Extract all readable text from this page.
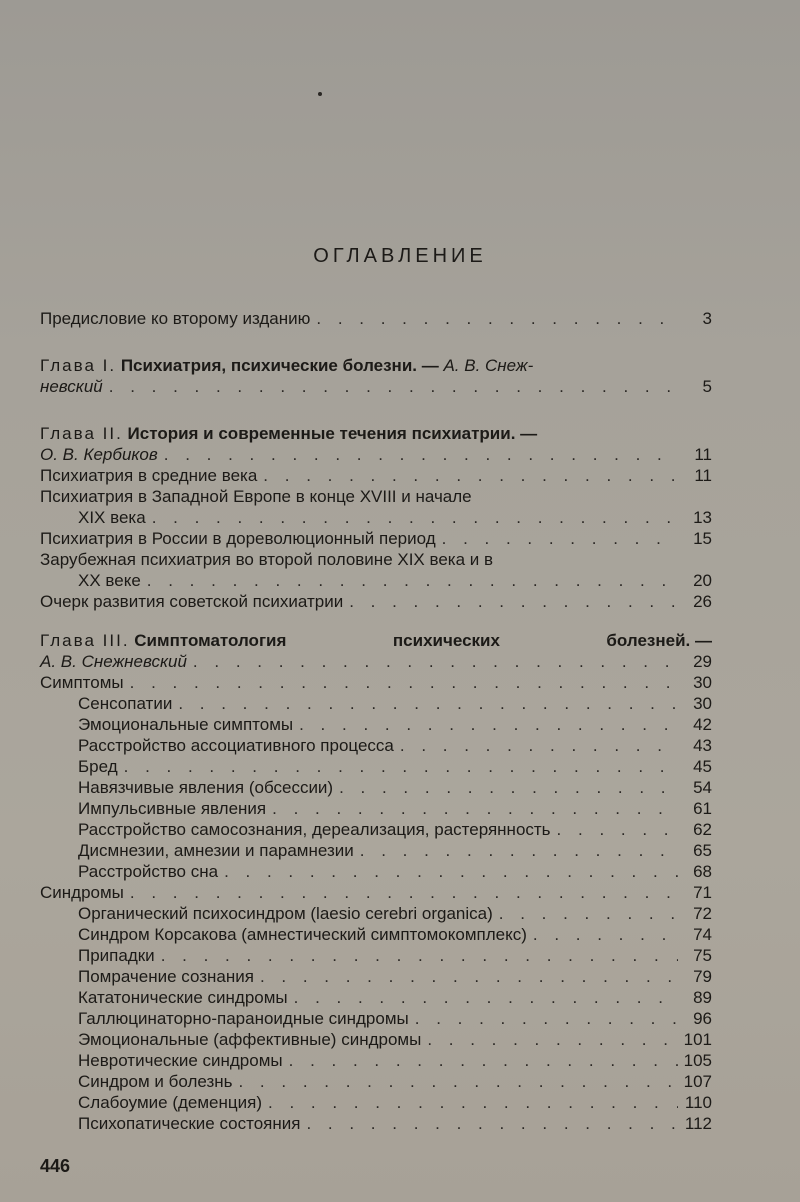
ОГЛАВЛЕНИЕ
Предисловие ко второму изданию . . .	3
Глава I. Психиатрия, психические болезни. — А. В. Снеж-
невский . . .	5
Глава II. История и современные течения психиатрии. —
О. В. Кербиков . . .	11
Психиатрия в средние века . . .	11
Психиатрия в Западной Европе в конце XVIII и начале
XIX века . . .	13
Психиатрия в России в дореволюционный период . . .	15
Зарубежная психиатрия во второй половине XIX века и в
XX веке . . .	20
Очерк развития советской психиатрии . . .	26
Глава III. Симптоматология	психических	болезней. —
А. В. Снежневский . . .	29
Симптомы . . .	30
Сенсопатии . . .	30
Эмоциональные симптомы . . .	42
Расстройство ассоциативного процесса . . .	43
Бред . . .	45
Навязчивые явления (обсессии) . . .	54
Импульсивные явления . . .	61
Расстройство самосознания, дереализация, растерянность . . .	62
Дисмнезии, амнезии и парамнезии . . .	65
Расстройство сна . . .	68
Синдромы . . .	71
Органический психосиндром (laesio cerebri organica) . . .	72
Синдром Корсакова (амнестический симптомокомплекс) . . .	74
Припадки . . .	75
Помрачение сознания . . .	79
Кататонические синдромы . . .	89
Галлюцинаторно-параноидные синдромы . . .	96
Эмоциональные (аффективные) синдромы . . .	101
Невротические синдромы . . .	105
Синдром и болезнь . . .	107
Слабоумие (деменция) . . .	110
Психопатические состояния . . .	112
446
